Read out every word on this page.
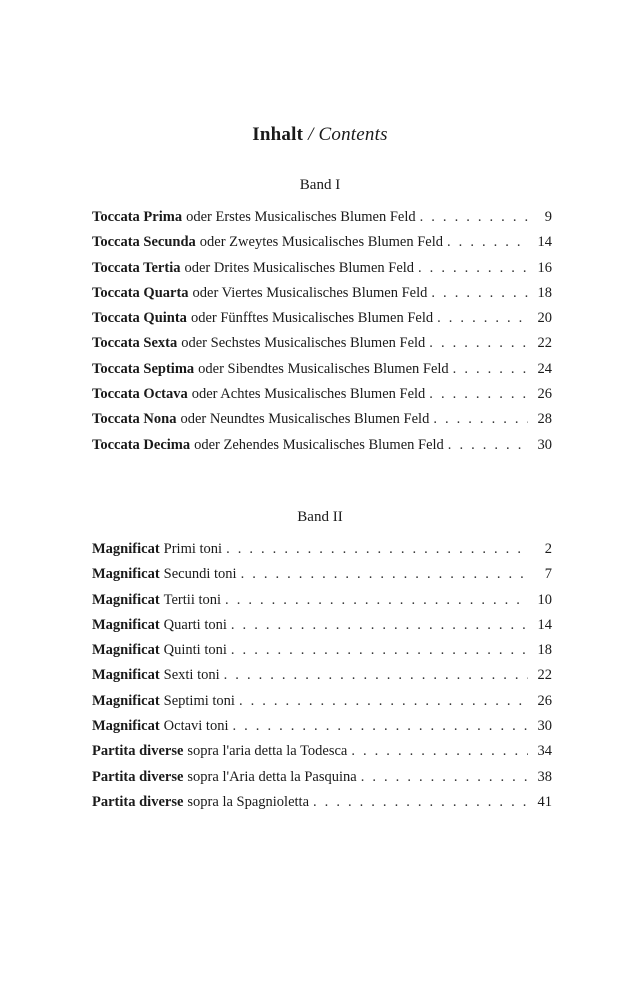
Inhalt / Contents
Band I
Toccata Prima oder Erstes Musicalisches Blumen Feld . . .	9
Toccata Secunda oder Zweytes Musicalisches Blumen Feld . . .	14
Toccata Tertia oder Drites Musicalisches Blumen Feld . . .	16
Toccata Quarta oder Viertes Musicalisches Blumen Feld . . .	18
Toccata Quinta oder Fünfftes Musicalisches Blumen Feld . . .	20
Toccata Sexta oder Sechstes Musicalisches Blumen Feld . . .	22
Toccata Septima oder Sibendtes Musicalisches Blumen Feld . . .	24
Toccata Octava oder Achtes Musicalisches Blumen Feld . . .	26
Toccata Nona oder Neundtes Musicalisches Blumen Feld . . .	28
Toccata Decima oder Zehendes Musicalisches Blumen Feld . . .	30
Band II
Magnificat Primi toni . . .	2
Magnificat Secundi toni . . .	7
Magnificat Tertii toni . . .	10
Magnificat Quarti toni . . .	14
Magnificat Quinti toni . . .	18
Magnificat Sexti toni . . .	22
Magnificat Septimi toni . . .	26
Magnificat Octavi toni . . .	30
Partita diverse sopra l'aria detta la Todesca . . .	34
Partita diverse sopra l'Aria detta la Pasquina . . .	38
Partita diverse sopra la Spagnioletta . . .	41
